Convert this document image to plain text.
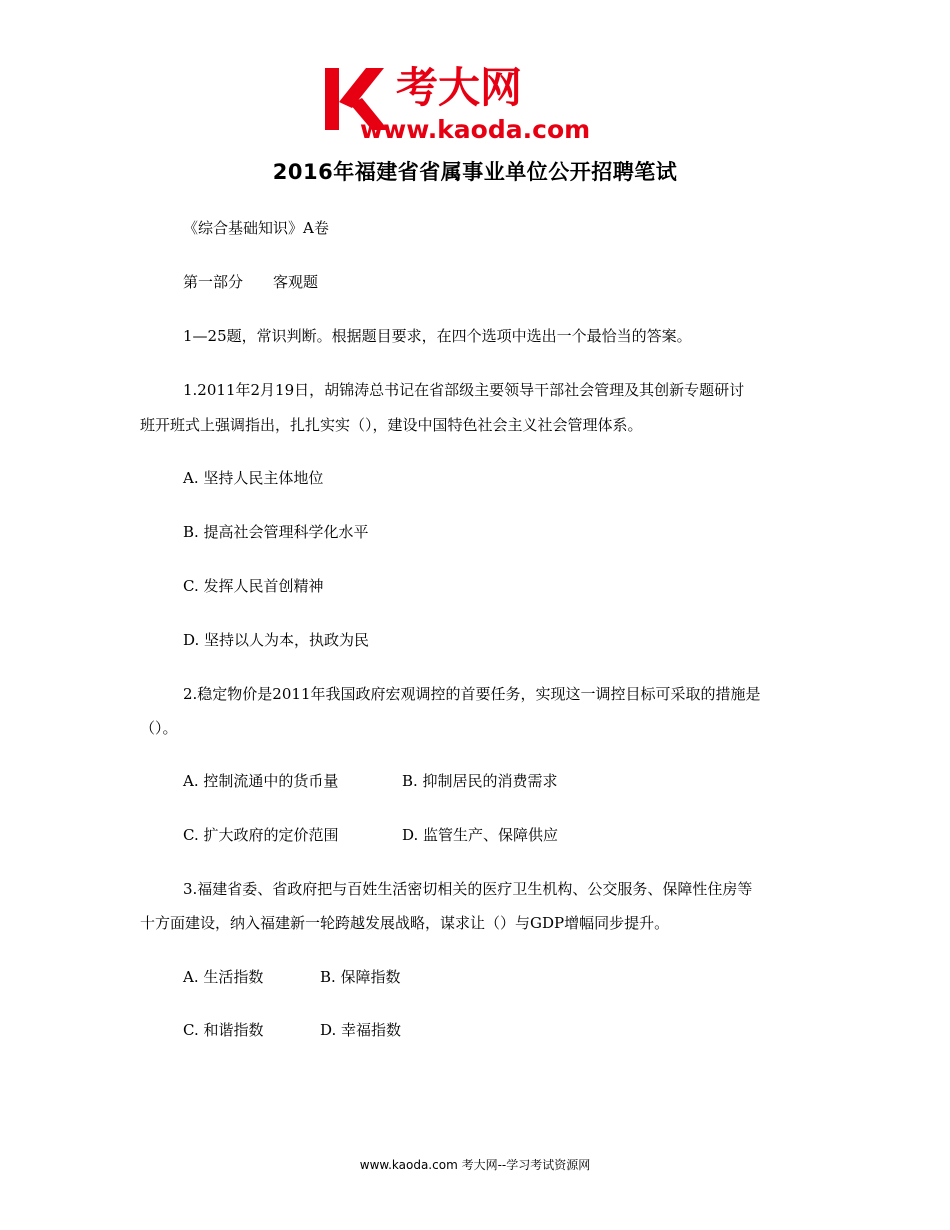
考大网
www.kaoda.com
2016年福建省省属事业单位公开招聘笔试
《综合基础知识》A卷
第一部分　　客观题
1—25题，常识判断。根据题目要求，在四个选项中选出一个最恰当的答案。
1.2011年2月19日，胡锦涛总书记在省部级主要领导干部社会管理及其创新专题研讨
班开班式上强调指出，扎扎实实（），建设中国特色社会主义社会管理体系。
A. 坚持人民主体地位
B. 提高社会管理科学化水平
C. 发挥人民首创精神
D. 坚持以人为本，执政为民
2.稳定物价是2011年我国政府宏观调控的首要任务，实现这一调控目标可采取的措施是
（）。
A. 控制流通中的货币量	B. 抑制居民的消费需求
C. 扩大政府的定价范围	D. 监管生产、保障供应
3.福建省委、省政府把与百姓生活密切相关的医疗卫生机构、公交服务、保障性住房等
十方面建设，纳入福建新一轮跨越发展战略，谋求让（）与GDP增幅同步提升。
A. 生活指数	B. 保障指数
C. 和谐指数	D. 幸福指数
www.kaoda.com 考大网--学习考试资源网
